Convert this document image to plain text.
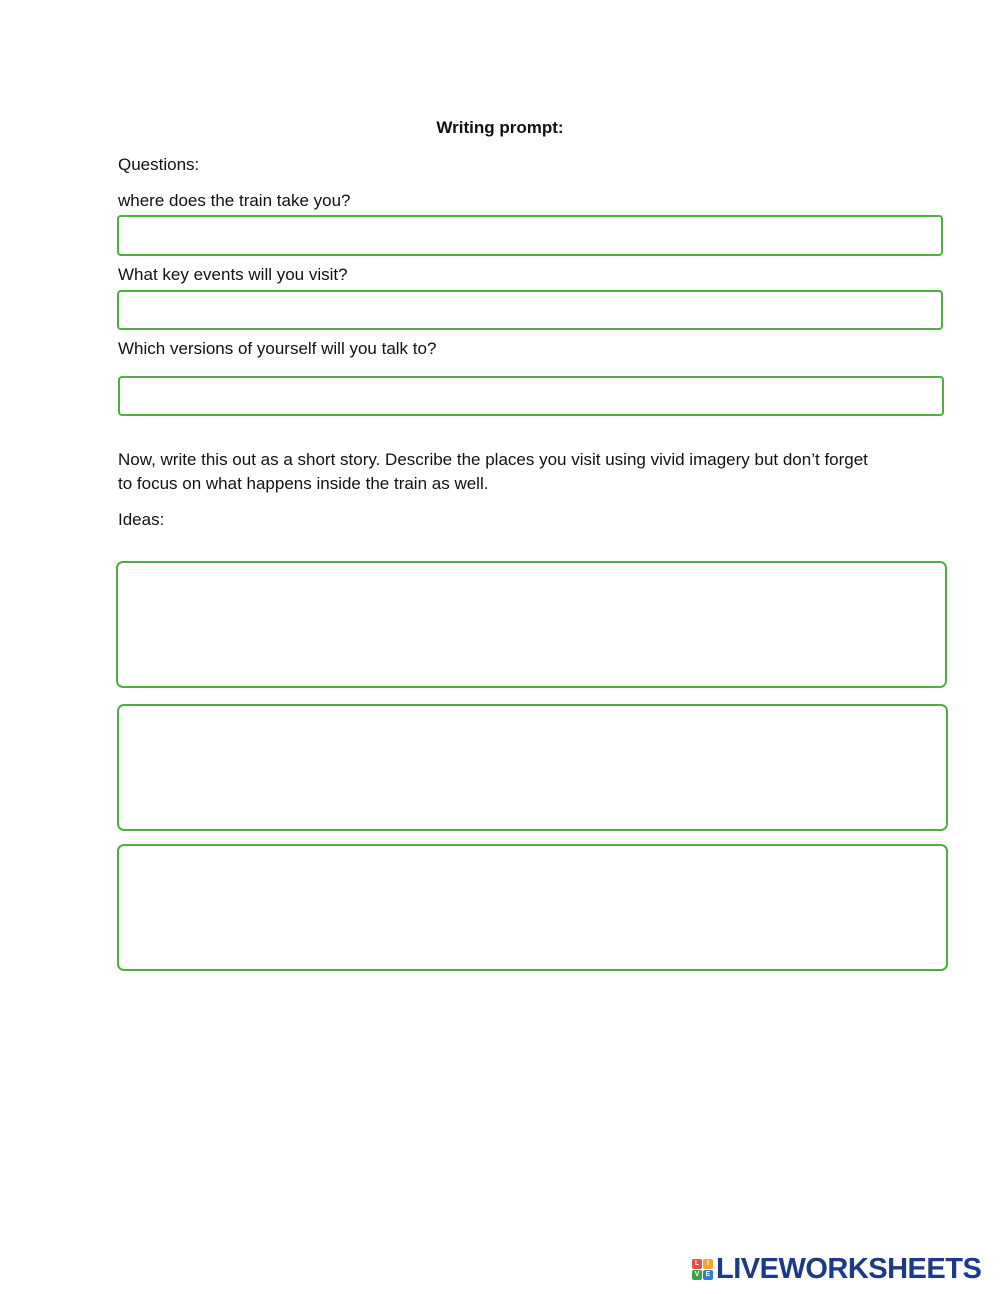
Writing prompt:
Questions:
where does the train take you?
What key events will you visit?
Which versions of yourself will you talk to?
Now, write this out as a short story. Describe the places you visit using vivid imagery but don’t forget
to focus on what happens inside the train as well.
Ideas:
L	I
V E LIVEWORKSHEETS
